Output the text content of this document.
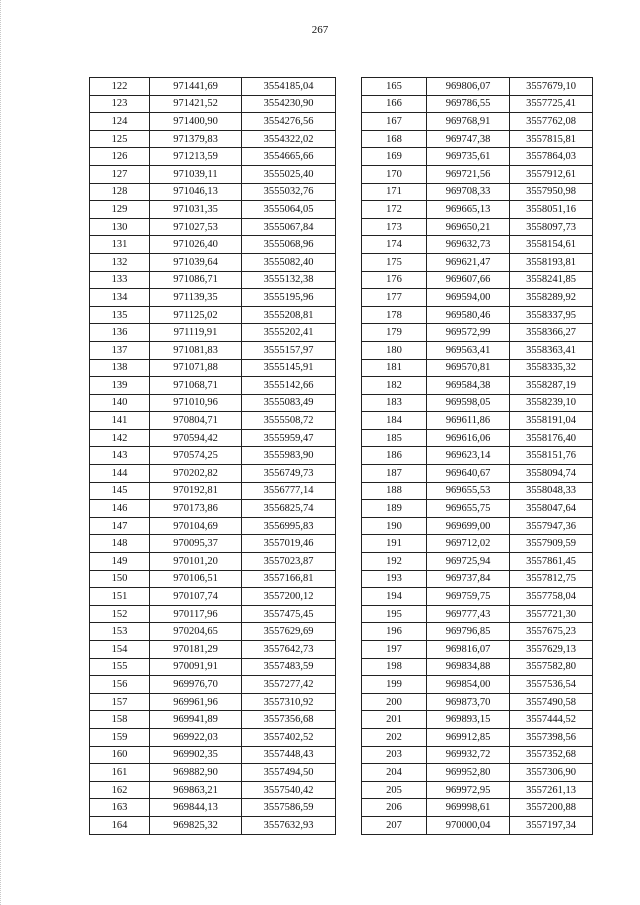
267
122	971441,69	3554185,04
123	971421,52	3554230,90
124	971400,90	3554276,56
125	971379,83	3554322,02
126	971213,59	3554665,66
127	971039,11	3555025,40
128	971046,13	3555032,76
129	971031,35	3555064,05
130	971027,53	3555067,84
131	971026,40	3555068,96
132	971039,64	3555082,40
133	971086,71	3555132,38
134	971139,35	3555195,96
135	971125,02	3555208,81
136	971119,91	3555202,41
137	971081,83	3555157,97
138	971071,88	3555145,91
139	971068,71	3555142,66
140	971010,96	3555083,49
141	970804,71	3555508,72
142	970594,42	3555959,47
143	970574,25	3555983,90
144	970202,82	3556749,73
145	970192,81	3556777,14
146	970173,86	3556825,74
147	970104,69	3556995,83
148	970095,37	3557019,46
149	970101,20	3557023,87
150	970106,51	3557166,81
151	970107,74	3557200,12
152	970117,96	3557475,45
153	970204,65	3557629,69
154	970181,29	3557642,73
155	970091,91	3557483,59
156	969976,70	3557277,42
157	969961,96	3557310,92
158	969941,89	3557356,68
159	969922,03	3557402,52
160	969902,35	3557448,43
161	969882,90	3557494,50
162	969863,21	3557540,42
163	969844,13	3557586,59
164	969825,32	3557632,93
165	969806,07	3557679,10
166	969786,55	3557725,41
167	969768,91	3557762,08
168	969747,38	3557815,81
169	969735,61	3557864,03
170	969721,56	3557912,61
171	969708,33	3557950,98
172	969665,13	3558051,16
173	969650,21	3558097,73
174	969632,73	3558154,61
175	969621,47	3558193,81
176	969607,66	3558241,85
177	969594,00	3558289,92
178	969580,46	3558337,95
179	969572,99	3558366,27
180	969563,41	3558363,41
181	969570,81	3558335,32
182	969584,38	3558287,19
183	969598,05	3558239,10
184	969611,86	3558191,04
185	969616,06	3558176,40
186	969623,14	3558151,76
187	969640,67	3558094,74
188	969655,53	3558048,33
189	969655,75	3558047,64
190	969699,00	3557947,36
191	969712,02	3557909,59
192	969725,94	3557861,45
193	969737,84	3557812,75
194	969759,75	3557758,04
195	969777,43	3557721,30
196	969796,85	3557675,23
197	969816,07	3557629,13
198	969834,88	3557582,80
199	969854,00	3557536,54
200	969873,70	3557490,58
201	969893,15	3557444,52
202	969912,85	3557398,56
203	969932,72	3557352,68
204	969952,80	3557306,90
205	969972,95	3557261,13
206	969998,61	3557200,88
207	970000,04	3557197,34
